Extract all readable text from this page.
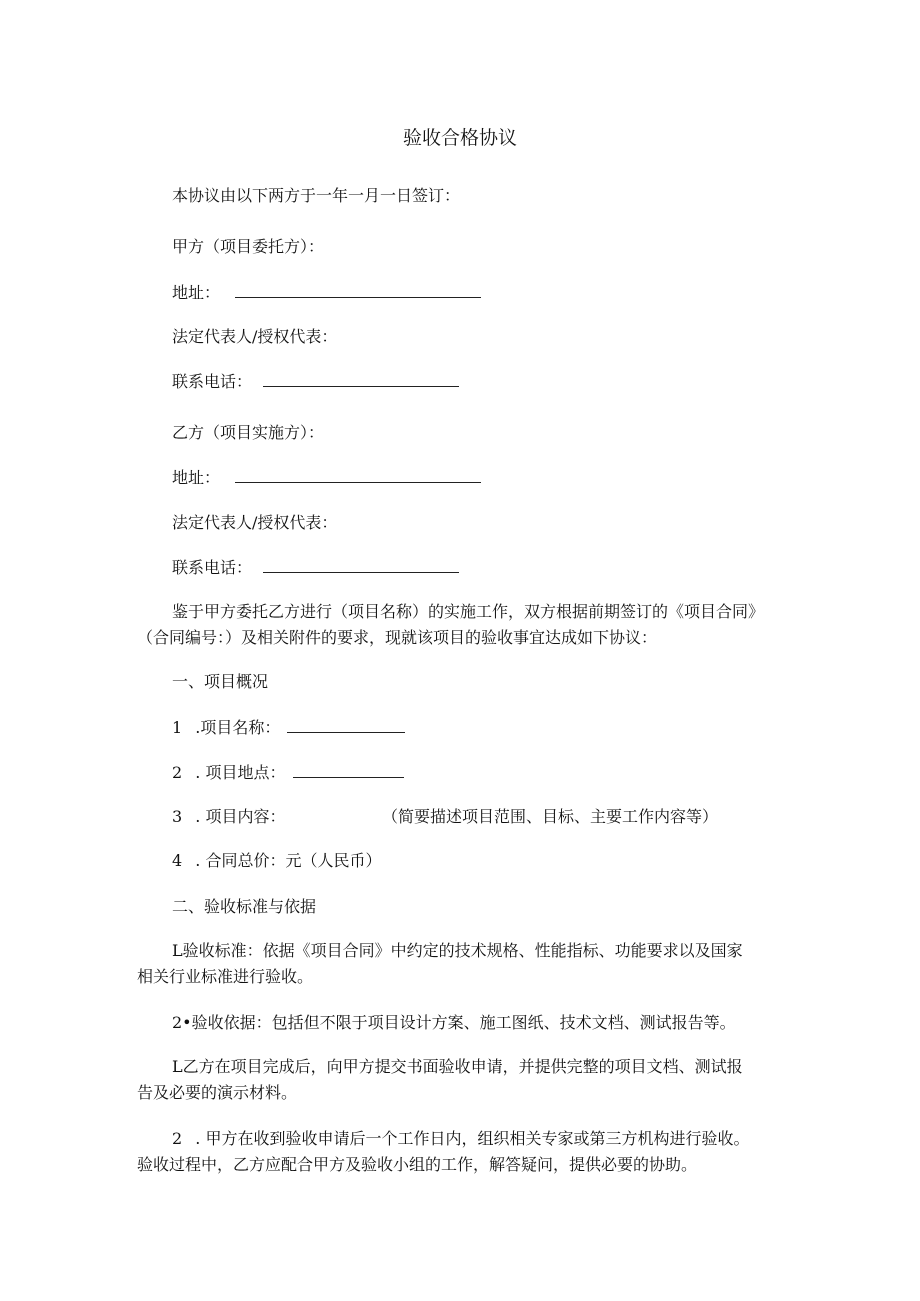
验收合格协议
本协议由以下两方于一年一月一日签订：
甲方（项目委托方）：
地址：
法定代表人/授权代表：
联系电话：
乙方（项目实施方）：
地址：
法定代表人/授权代表：
联系电话：
鉴于甲方委托乙方进行（项目名称）的实施工作，双方根据前期签订的《项目合同》
（合同编号：）及相关附件的要求，现就该项目的验收事宜达成如下协议：
一、项目概况
1 .项目名称：
2 . 项目地点：
3 . 项目内容：	（简要描述项目范围、目标、主要工作内容等）
4 . 合同总价：元（人民币）
二、验收标准与依据
L验收标准：依据《项目合同》中约定的技术规格、性能指标、功能要求以及国家
相关行业标准进行验收。
2•验收依据：包括但不限于项目设计方案、施工图纸、技术文档、测试报告等。
L乙方在项目完成后，向甲方提交书面验收申请，并提供完整的项目文档、测试报
告及必要的演示材料。
2 . 甲方在收到验收申请后一个工作日内，组织相关专家或第三方机构进行验收。
验收过程中，乙方应配合甲方及验收小组的工作，解答疑问，提供必要的协助。
